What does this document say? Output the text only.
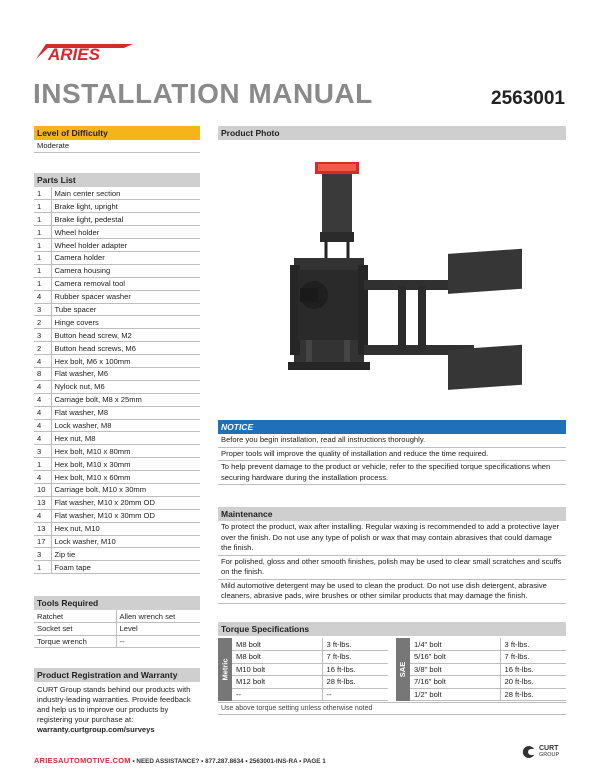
ARIES
INSTALLATION MANUAL	2563001
Level of Difficulty
Moderate
Parts List
1	Main center section
1	Brake light, upright
1	Brake light, pedestal
1	Wheel holder
1	Wheel holder adapter
1	Camera holder
1	Camera housing
1	Camera removal tool
4	Rubber spacer washer
3	Tube spacer
2	Hinge covers
3	Button head screw, M2
2	Button head screws, M6
4	Hex bolt, M6 x 100mm
8	Flat washer, M6
4	Nylock nut, M6
4	Carriage bolt, M8 x 25mm
4	Flat washer, M8
4	Lock washer, M8
4	Hex nut, M8
3	Hex bolt, M10 x 80mm
1	Hex bolt, M10 x 30mm
4	Hex bolt, M10 x 60mm
10	Carriage bolt, M10 x 30mm
13	Flat washer, M10 x 20mm OD
4	Flat washer, M10 x 30mm OD
13	Hex nut, M10
17	Lock washer, M10
3	Zip tie
1	Foam tape
Tools Required
Ratchet	Allen wrench set
Socket set	Level
Torque wrench	--
Product Registration and Warranty
CURT Group stands behind our products with industry-leading warranties. Provide feedback and help us to improve our products by registering your purchase at: warranty.curtgroup.com/surveys
Product Photo
NOTICE
Before you begin installation, read all instructions thoroughly.
Proper tools will improve the quality of installation and reduce the time required.
To help prevent damage to the product or vehicle, refer to the specified torque specifications when securing hardware during the installation process.
Maintenance
To protect the product, wax after installing. Regular waxing is recommended to add a protective layer over the finish. Do not use any type of polish or wax that may contain abrasives that could damage the finish.
For polished, gloss and other smooth finishes, polish may be used to clear small scratches and scuffs on the finish.
Mild automotive detergent may be used to clean the product. Do not use dish detergent, abrasive cleaners, abrasive pads, wire brushes or other similar products that may damage the finish.
Torque Specifications
Metric
M8 bolt	3 ft-lbs.
M8 bolt	7 ft-lbs.
M10 bolt	16 ft-lbs.
M12 bolt	28 ft-lbs.
--	--
SAE
1/4" bolt	3 ft-lbs.
5/16" bolt	7 ft-lbs.
3/8" bolt	16 ft-lbs.
7/16" bolt	20 ft-lbs.
1/2" bolt	28 ft-lbs.
Use above torque setting unless otherwise noted
ARIESAUTOMOTIVE.COM • NEED ASSISTANCE? • 877.287.8634 • 2563001-INS-RA • PAGE 1
CURT
GROUP
